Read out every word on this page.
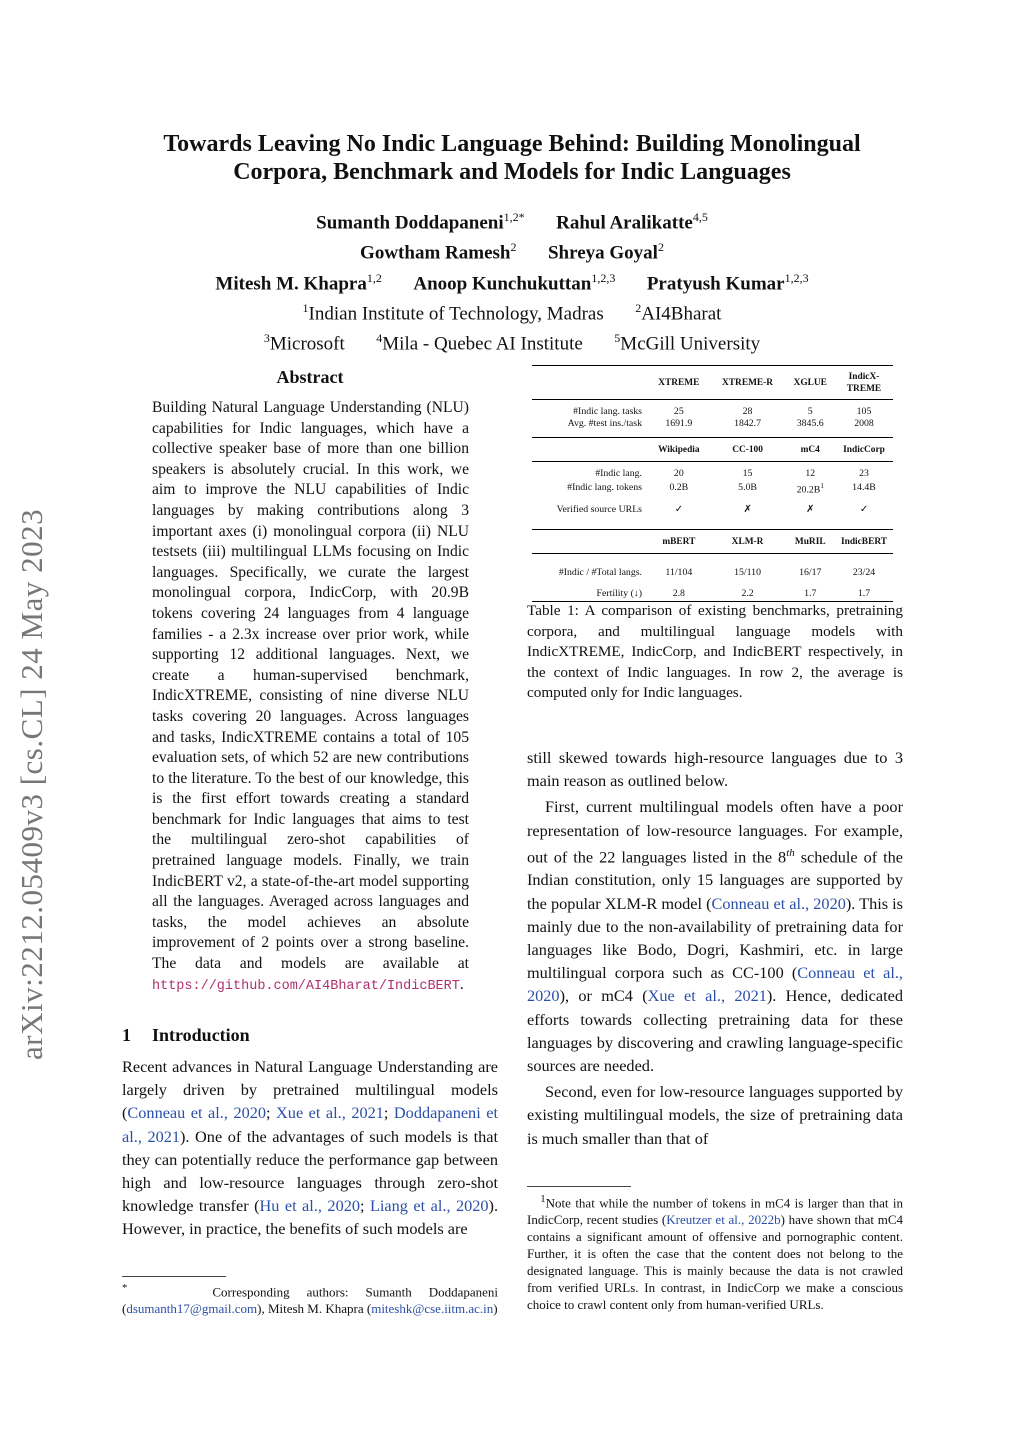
arXiv:2212.05409v3 [cs.CL] 24 May 2023
Towards Leaving No Indic Language Behind: Building Monolingual
Corpora, Benchmark and Models for Indic Languages
Sumanth Doddapaneni$^{1,2*}$ Rahul Aralikatte$^{4,5}$
Gowtham Ramesh$^2$ Shreya Goyal$^2$
Mitesh M. Khapra$^{1,2}$ Anoop Kunchukuttan$^{1,2,3}$ Pratyush Kumar$^{1,2,3}$
$^1$Indian Institute of Technology, Madras	$^2$AI4Bharat
$^3$Microsoft	$^4$Mila - Quebec AI Institute	$^5$McGill University
Abstract
Building Natural Language Understanding (NLU) capabilities for Indic languages, which have a collective speaker base of more than one billion speakers is absolutely crucial. In this work, we aim to improve the NLU capabilities of Indic languages by making contributions along 3 important axes (i) monolingual corpora (ii) NLU testsets (iii) multilingual LLMs focusing on Indic languages. Specifically, we curate the largest monolingual corpora, IndicCorp, with 20.9B tokens covering 24 languages from 4 language families - a 2.3x increase over prior work, while supporting 12 additional languages. Next, we create a human-supervised benchmark, IndicXTREME, consisting of nine diverse NLU tasks covering 20 languages. Across languages and tasks, IndicXTREME contains a total of 105 evaluation sets, of which 52 are new contributions to the literature. To the best of our knowledge, this is the first effort towards creating a standard benchmark for Indic languages that aims to test the multilingual zero-shot capabilities of pretrained language models. Finally, we train IndicBERT v2, a state-of-the-art model supporting all the languages. Averaged across languages and tasks, the model achieves an absolute improvement of 2 points over a strong baseline. The data and models are available at https://github.com/AI4Bharat/IndicBERT.
1 Introduction
Recent advances in Natural Language Understanding are largely driven by pretrained multilingual models (Conneau et al., 2020; Xue et al., 2021; Doddapaneni et al., 2021). One of the advantages of such models is that they can potentially reduce the performance gap between high and low-resource languages through zero-shot knowledge transfer (Hu et al., 2020; Liang et al., 2020). However, in practice, the benefits of such models are
*	Corresponding authors: Sumanth Doddapaneni (dsumanth17@gmail.com), Mitesh M. Khapra (miteshk@cse.iitm.ac.in)
	XTREME	XTREME-R	XGLUE	IndicX-TREME

#Indic lang. tasks	25	28	5	105
Avg. #test ins./task	1691.9	1842.7	3845.6	2008

	Wikipedia	CC-100	mC4	IndicCorp

#Indic lang.	20	15	12	23
#Indic lang. tokens	0.2B	5.0B	$20.2B^1$	14.4B
Verified source URLs	✓	✗	✗	✓

	mBERT	XLM-R	MuRIL	IndicBERT

#Indic / #Total langs.	11/104	15/110	16/17	23/24
Fertility (↓)	2.8	2.2	1.7	1.7
Table 1: A comparison of existing benchmarks, pretraining corpora, and multilingual language models with IndicXTREME, IndicCorp, and IndicBERT respectively, in the context of Indic languages. In row 2, the average is computed only for Indic languages.

still skewed towards high-resource languages due to 3 main reason as outlined below.

First, current multilingual models often have a poor representation of low-resource languages. For example, out of the 22 languages listed in the 8th schedule of the Indian constitution, only 15 languages are supported by the popular XLM-R model (Conneau et al., 2020). This is mainly due to the non-availability of pretraining data for languages like Bodo, Dogri, Kashmiri, etc. in large multilingual corpora such as CC-100 (Conneau et al., 2020), or mC4 (Xue et al., 2021). Hence, dedicated efforts towards collecting pretraining data for these languages by discovering and crawling language-specific sources are needed.

Second, even for low-resource languages supported by existing multilingual models, the size of pretraining data is much smaller than that of

$^1$Note that while the number of tokens in mC4 is larger than that in IndicCorp, recent studies (Kreutzer et al., 2022b) have shown that mC4 contains a significant amount of offensive and pornographic content. Further, it is often the case that the content does not belong to the designated language. This is mainly because the data is not crawled from verified URLs. In contrast, in IndicCorp we make a conscious choice to crawl content only from human-verified URLs.
